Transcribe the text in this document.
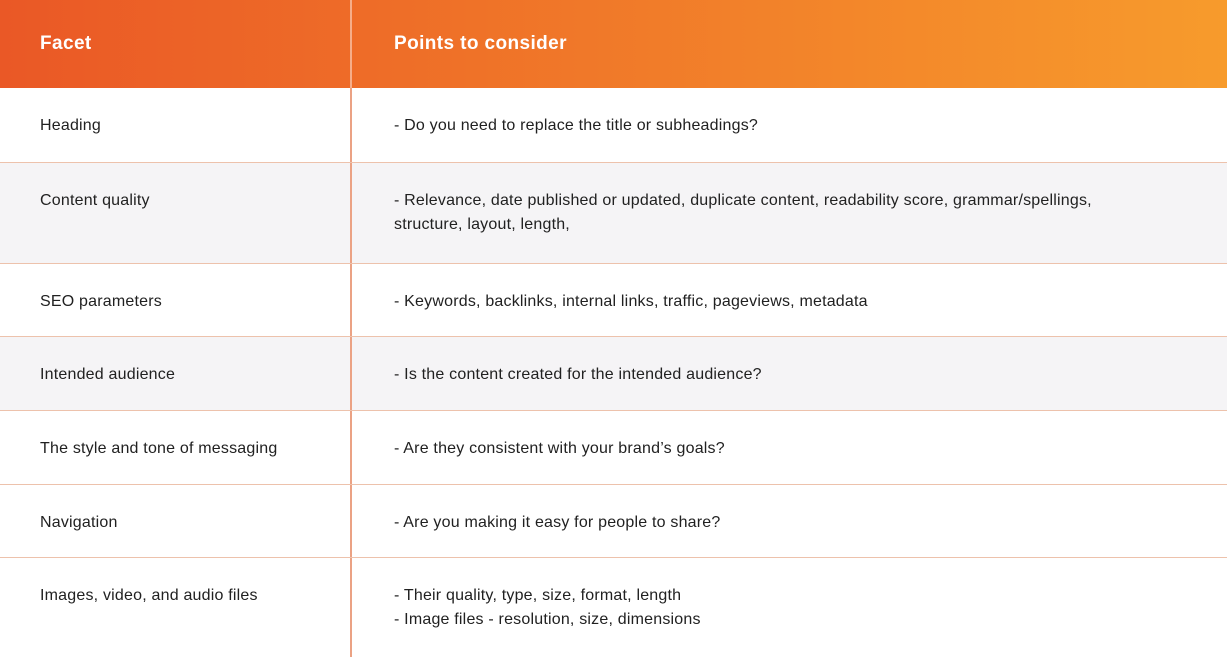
Facet	Points to consider
Heading	- Do you need to replace the title or subheadings?
Content quality	- Relevance, date published or updated, duplicate content, readability score, grammar/spellings,
structure, layout, length,
SEO parameters	- Keywords, backlinks, internal links, traffic, pageviews, metadata
Intended audience	- Is the content created for the intended audience?
The style and tone of messaging	- Are they consistent with your brand’s goals?
Navigation	- Are you making it easy for people to share?
Images, video, and audio files	- Their quality, type, size, format, length
- Image files - resolution, size, dimensions
